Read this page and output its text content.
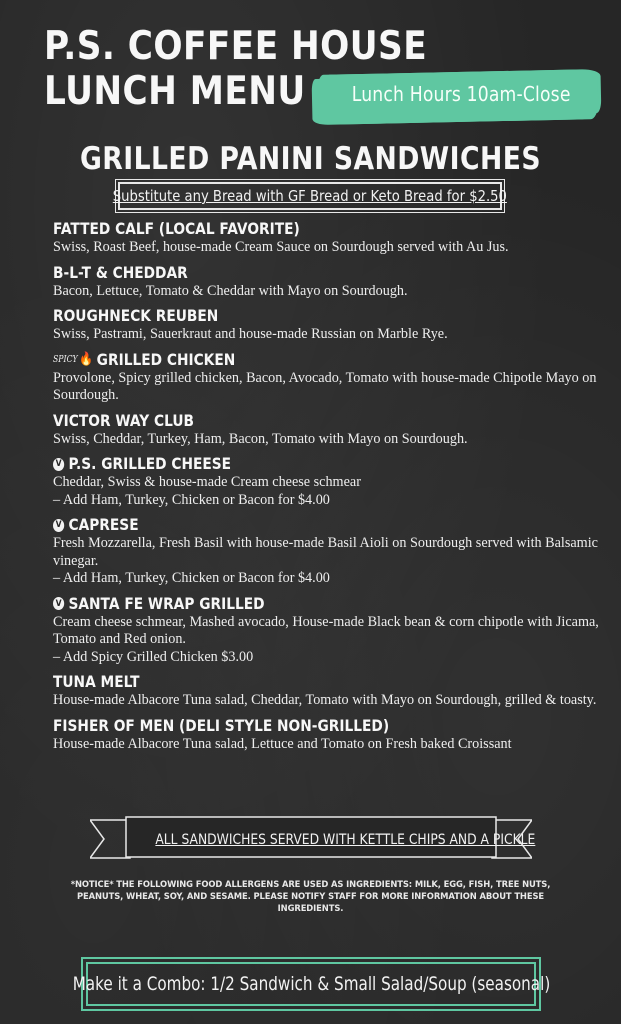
P.S. COFFEE HOUSE
LUNCH MENU	Lunch Hours 10am-Close
GRILLED PANINI SANDWICHES
Substitute any Bread with GF Bread or Keto Bread for $2.50
FATTED CALF (LOCAL FAVORITE)
Swiss, Roast Beef, house-made Cream Sauce on Sourdough served with Au Jus.
B-L-T & CHEDDAR
Bacon, Lettuce, Tomato & Cheddar with Mayo on Sourdough.
ROUGHNECK REUBEN
Swiss, Pastrami, Sauerkraut and house-made Russian on Marble Rye.
SPICY 🔥 GRILLED CHICKEN
Provolone, Spicy grilled chicken, Bacon, Avocado, Tomato with house-made Chipotle Mayo on Sourdough.
VICTOR WAY CLUB
Swiss, Cheddar, Turkey, Ham, Bacon, Tomato with Mayo on Sourdough.
V P.S. GRILLED CHEESE
Cheddar, Swiss & house-made Cream cheese schmear
– Add Ham, Turkey, Chicken or Bacon for $4.00
V CAPRESE
Fresh Mozzarella, Fresh Basil with house-made Basil Aioli on Sourdough served with Balsamic vinegar.
– Add Ham, Turkey, Chicken or Bacon for $4.00
V SANTA FE WRAP GRILLED
Cream cheese schmear, Mashed avocado, House-made Black bean & corn chipotle with Jicama, Tomato and Red onion.
– Add Spicy Grilled Chicken $3.00
TUNA MELT
House-made Albacore Tuna salad, Cheddar, Tomato with Mayo on Sourdough, grilled & toasty.
FISHER OF MEN (DELI STYLE NON-GRILLED)
House-made Albacore Tuna salad, Lettuce and Tomato on Fresh baked Croissant
ALL SANDWICHES SERVED WITH KETTLE CHIPS AND A PICKLE
*NOTICE* THE FOLLOWING FOOD ALLERGENS ARE USED AS INGREDIENTS: MILK, EGG, FISH, TREE NUTS, PEANUTS, WHEAT, SOY, AND SESAME. PLEASE NOTIFY STAFF FOR MORE INFORMATION ABOUT THESE INGREDIENTS.
Make it a Combo: 1/2 Sandwich & Small Salad/Soup (seasonal)
